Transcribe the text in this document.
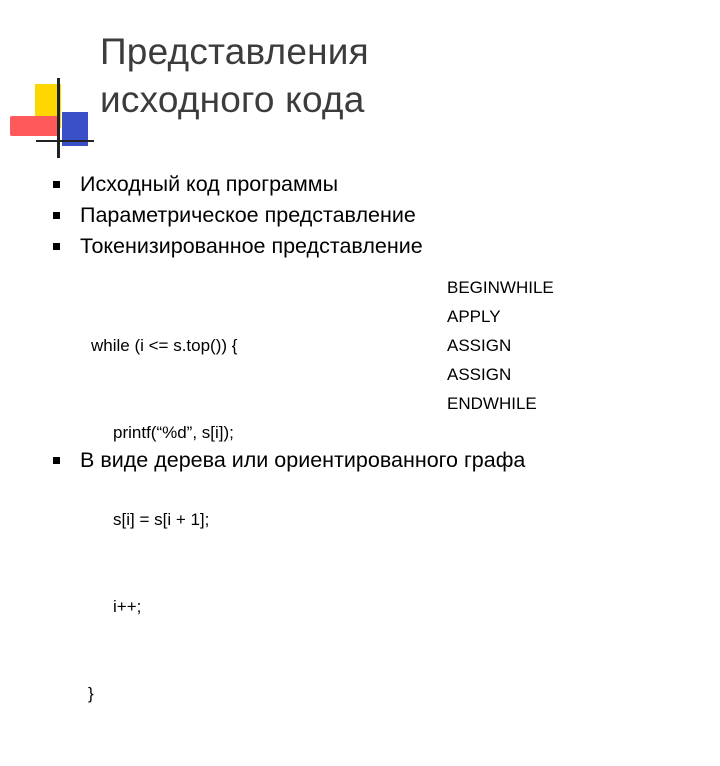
Представления
исходного кода
Исходный код программы
Параметрическое представление
Токенизированное представление

while (i <= s.top()) {

printf(“%d”, s[i]);

s[i] = s[i + 1];

i++;

}

BEGINWHILE
APPLY
ASSIGN
ASSIGN
ENDWHILE
В виде дерева или ориентированного графа
